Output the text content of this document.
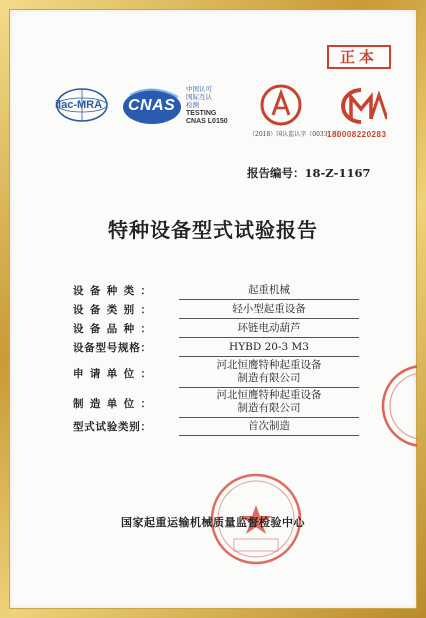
正本
ilac-MRA CNAS
中国认可
国际互认
检测
TESTING
CNAS L0150
（2018）国认监认字（0033）号
180008220283
报告编号：18-Z-1167
特种设备型式试验报告
设备种类：	起重机械
设备类别：	轻小型起重设备
设备品种：	环链电动葫芦
设备型号规格：	HYBD 20-3 M3
申请单位：
河北恒鹰特种起重设备
制造有限公司
制造单位：
河北恒鹰特种起重设备
制造有限公司
型式试验类别：	首次制造
国家起重运输机械质量监督检验中心
